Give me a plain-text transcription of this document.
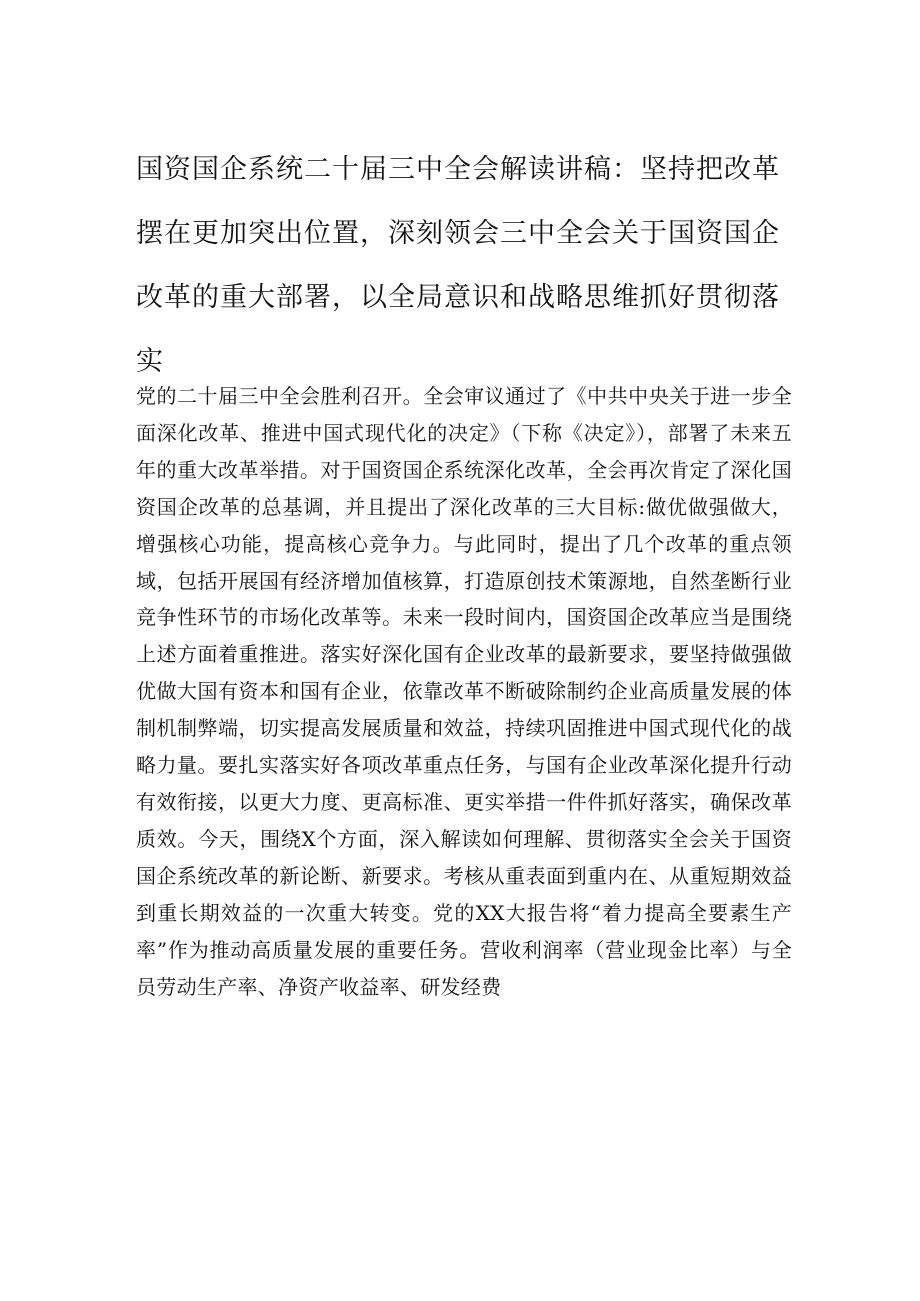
国资国企系统二十届三中全会解读讲稿：坚持把改革摆在更加突出位置，深刻领会三中全会关于国资国企改革的重大部署，以全局意识和战略思维抓好贯彻落实

党的二十届三中全会胜利召开。全会审议通过了《中共中央关于进一步全面深化改革、推进中国式现代化的决定》（下称《决定》），部署了未来五年的重大改革举措。对于国资国企系统深化改革，全会再次肯定了深化国资国企改革的总基调，并且提出了深化改革的三大目标:做优做强做大，增强核心功能，提高核心竞争力。与此同时，提出了几个改革的重点领域，包括开展国有经济增加值核算，打造原创技术策源地，自然垄断行业竞争性环节的市场化改革等。未来一段时间内，国资国企改革应当是围绕上述方面着重推进。落实好深化国有企业改革的最新要求，要坚持做强做优做大国有资本和国有企业，依靠改革不断破除制约企业高质量发展的体制机制弊端，切实提高发展质量和效益，持续巩固推进中国式现代化的战略力量。要扎实落实好各项改革重点任务，与国有企业改革深化提升行动有效衔接，以更大力度、更高标准、更实举措一件件抓好落实，确保改革质效。今天，围绕X个方面，深入解读如何理解、贯彻落实全会关于国资国企系统改革的新论断、新要求。考核从重表面到重内在、从重短期效益到重长期效益的一次重大转变。党的XX大报告将“着力提高全要素生产率”作为推动高质量发展的重要任务。营收利润率（营业现金比率）与全员劳动生产率、净资产收益率、研发经费
